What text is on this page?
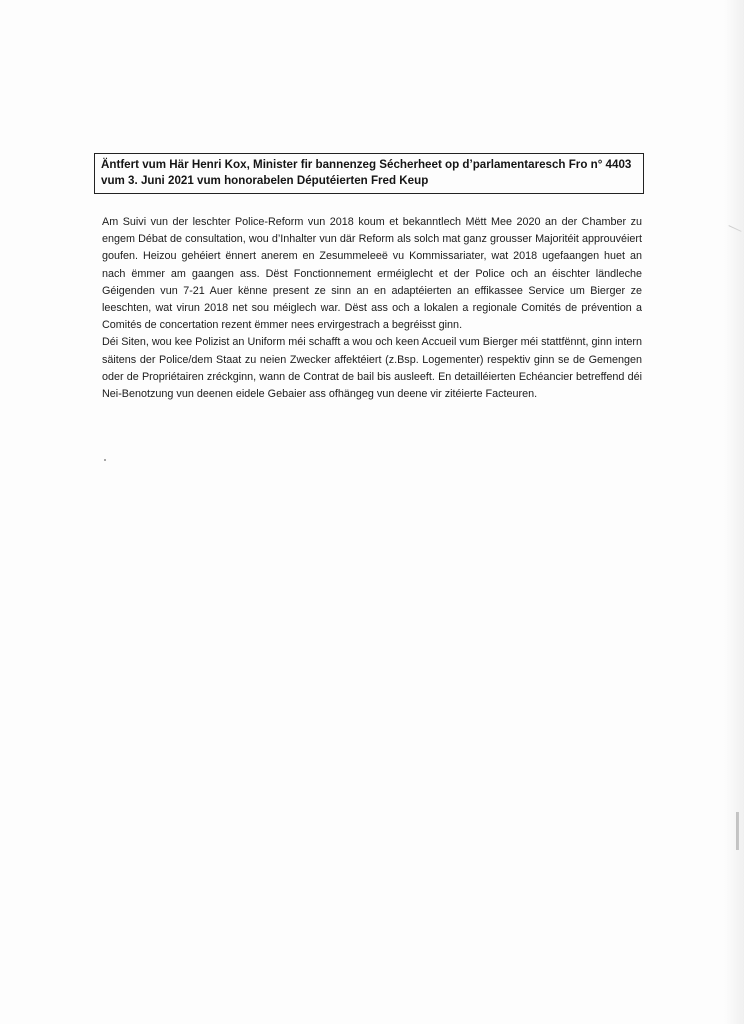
Äntfert vum Här Henri Kox, Minister fir bannenzeg Sécherheet op d’parlamentaresch Fro n° 4403 vum 3. Juni 2021 vum honorabelen Députéierten Fred Keup

Am Suivi vun der leschter Police-Reform vun 2018 koum et bekanntlech Mëtt Mee 2020 an der Chamber zu engem Débat de consultation, wou d’Inhalter vun där Reform als solch mat ganz grousser Majoritéit approuvéiert goufen. Heizou gehéiert ënnert anerem en Zesummeleeë vu Kommissariater, wat 2018 ugefaangen huet an nach ëmmer am gaangen ass. Dëst Fonctionnement erméiglecht et der Police och an éischter ländleche Géigenden vun 7-21 Auer kënne present ze sinn an en adaptéierten an effikassee Service um Bierger ze leeschten, wat virun 2018 net sou méiglech war. Dëst ass och a lokalen a regionale Comités de prévention a Comités de concertation rezent ëmmer nees ervirgestrach a begréisst ginn.

Déi Siten, wou kee Polizist an Uniform méi schafft a wou och keen Accueil vum Bierger méi stattfënnt, ginn intern säitens der Police/dem Staat zu neien Zwecker affektéiert (z.Bsp. Logementer) respektiv ginn se de Gemengen oder de Propriétairen zréckginn, wann de Contrat de bail bis ausleeft. En detailléierten Echéancier betreffend déi Nei-Benotzung vun deenen eidele Gebaier ass ofhängeg vun deene vir zitéierte Facteuren.
